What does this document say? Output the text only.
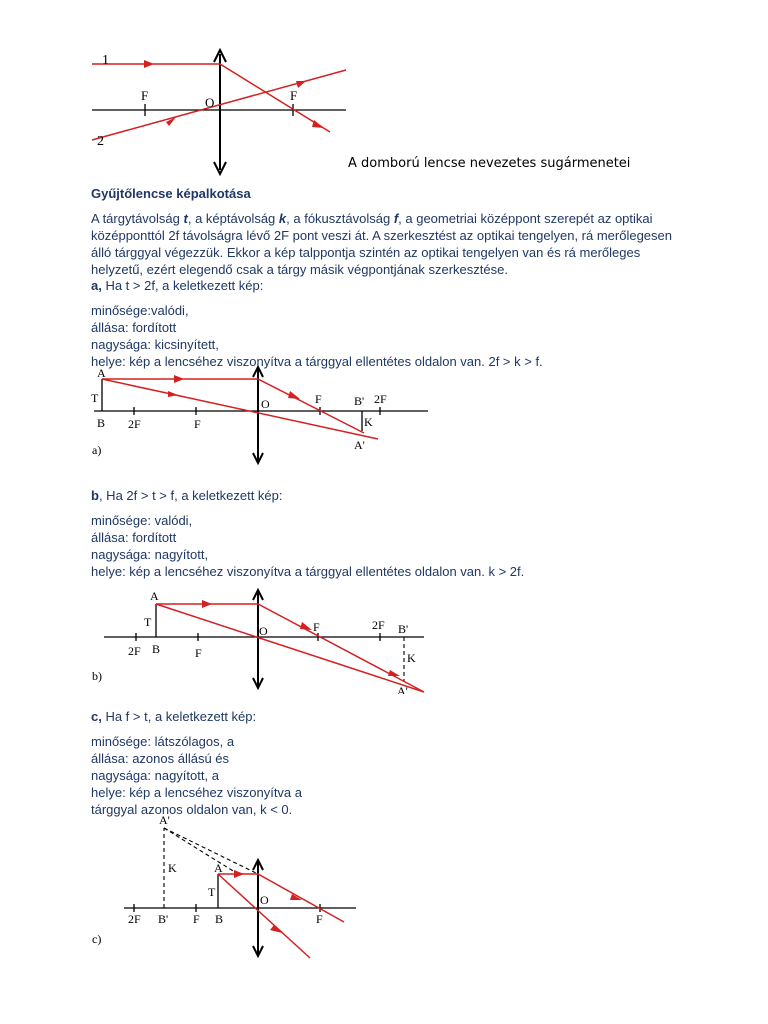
1
2
F	O	F
A domború lencse nevezetes sugármenetei
Gyűjtőlencse képalkotása

A tárgytávolság t, a képtávolság k, a fókusztávolság f, a geometriai középpont szerepét az optikai középponttól 2f távolságra lévő 2F pont veszi át. A szerkesztést az optikai tengelyen, rá merőlegesen álló tárggyal végezzük. Ekkor a kép talppontja szintén az optikai tengelyen van és rá merőleges helyzetű, ezért elegendő csak a tárgy másik végpontjának szerkesztése.

a, Ha t > 2f, a keletkezett kép:

minősége:valódi,

állása: fordított

nagysága: kicsinyített,

helye: kép a lencséhez viszonyítva a tárggyal ellentétes oldalon van. 2f > k > f.

A
T
B 2F	F
O	F	B' 2F
K
A'
a)

b, Ha 2f > t > f, a keletkezett kép:

minősége: valódi,

állása: fordított

nagysága: nagyított,

helye: kép a lencséhez viszonyítva a tárggyal ellentétes oldalon van. k > 2f.

A
T
2F B	F
O	F	2F B'
K
A'
b)

c, Ha f > t, a keletkezett kép:

minősége: látszólagos, a

állása: azonos állású és

nagysága: nagyított, a

helye: kép a lencséhez viszonyítva a

tárggyal azonos oldalon van, k < 0.

A'
K	A
T
2F B' F B
O
F
c)
